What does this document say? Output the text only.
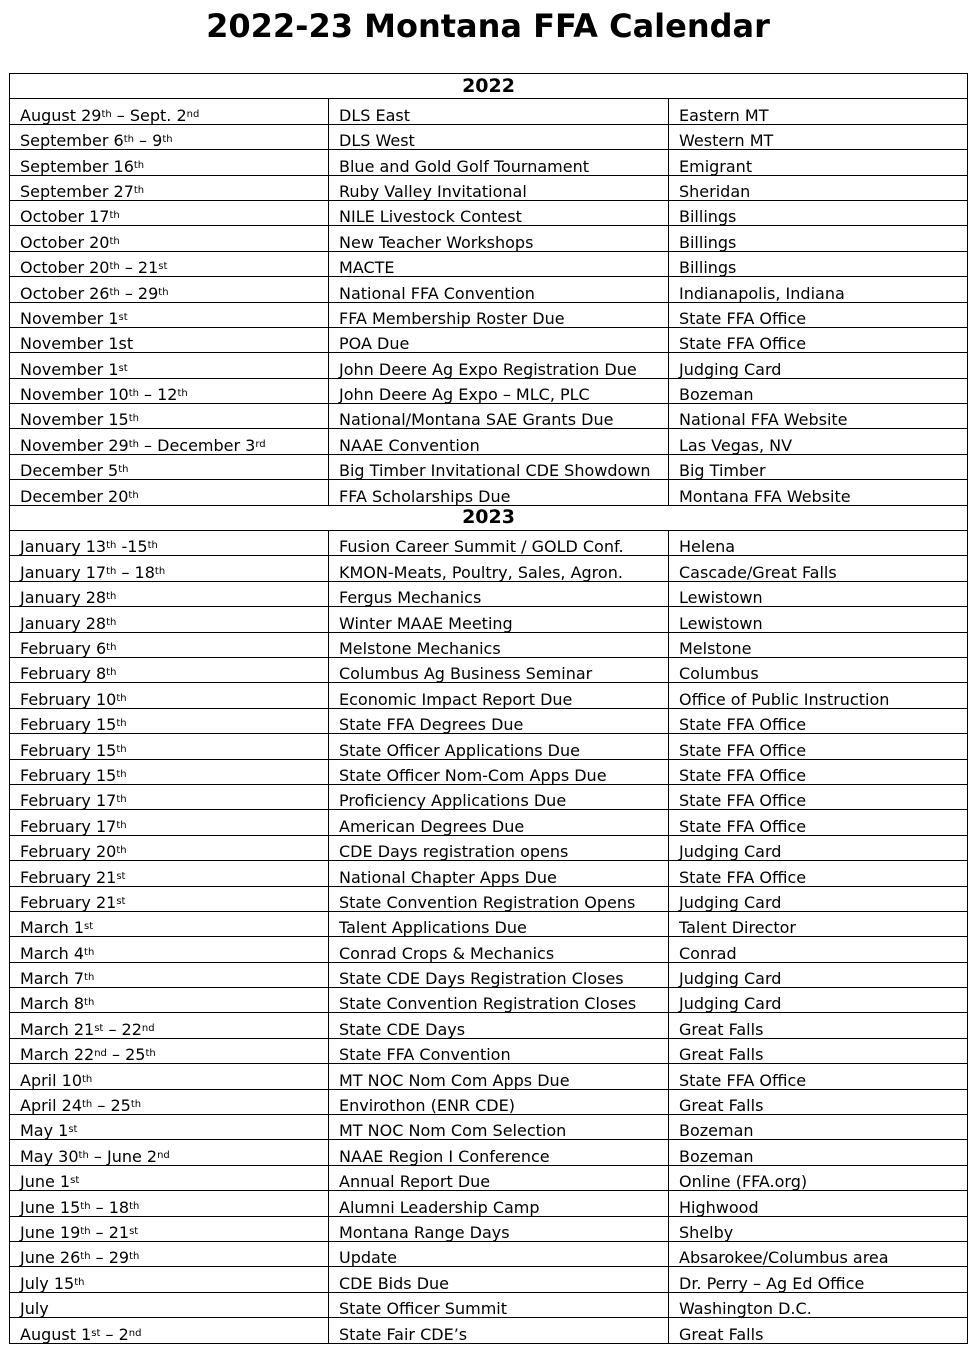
2022-23 Montana FFA Calendar
2022		
August 29th – Sept. 2nd	DLS East	Eastern MT
September 6th – 9th	DLS West	Western MT
September 16th	Blue and Gold Golf Tournament	Emigrant
September 27th	Ruby Valley Invitational	Sheridan
October 17th	NILE Livestock Contest	Billings
October 20th	New Teacher Workshops	Billings
October 20th – 21st	MACTE	Billings
October 26th – 29th	National FFA Convention	Indianapolis, Indiana
November 1st	FFA Membership Roster Due	State FFA Office
November 1st	POA Due	State FFA Office
November 1st	John Deere Ag Expo Registration Due	Judging Card
November 10th – 12th	John Deere Ag Expo – MLC, PLC	Bozeman
November 15th	National/Montana SAE Grants Due	National FFA Website
November 29th – December 3rd	NAAE Convention	Las Vegas, NV
December 5th	Big Timber Invitational CDE Showdown	Big Timber
December 20th	FFA Scholarships Due	Montana FFA Website
2023		
January 13th -15th	Fusion Career Summit / GOLD Conf.	Helena
January 17th – 18th	KMON-Meats, Poultry, Sales, Agron.	Cascade/Great Falls
January 28th	Fergus Mechanics	Lewistown
January 28th	Winter MAAE Meeting	Lewistown
February 6th	Melstone Mechanics	Melstone
February 8th	Columbus Ag Business Seminar	Columbus
February 10th	Economic Impact Report Due	Office of Public Instruction
February 15th	State FFA Degrees Due	State FFA Office
February 15th	State Officer Applications Due	State FFA Office
February 15th	State Officer Nom-Com Apps Due	State FFA Office
February 17th	Proficiency Applications Due	State FFA Office
February 17th	American Degrees Due	State FFA Office
February 20th	CDE Days registration opens	Judging Card
February 21st	National Chapter Apps Due	State FFA Office
February 21st	State Convention Registration Opens	Judging Card
March 1st	Talent Applications Due	Talent Director
March 4th	Conrad Crops & Mechanics	Conrad
March 7th	State CDE Days Registration Closes	Judging Card
March 8th	State Convention Registration Closes	Judging Card
March 21st – 22nd	State CDE Days	Great Falls
March 22nd – 25th	State FFA Convention	Great Falls
April 10th	MT NOC Nom Com Apps Due	State FFA Office
April 24th – 25th	Envirothon (ENR CDE)	Great Falls
May 1st	MT NOC Nom Com Selection	Bozeman
May 30th – June 2nd	NAAE Region I Conference	Bozeman
June 1st	Annual Report Due	Online (FFA.org)
June 15th – 18th	Alumni Leadership Camp	Highwood
June 19th – 21st	Montana Range Days	Shelby
June 26th – 29th	Update	Absarokee/Columbus area
July 15th	CDE Bids Due	Dr. Perry – Ag Ed Office
July	State Officer Summit	Washington D.C.
August 1st – 2nd	State Fair CDE’s	Great Falls
